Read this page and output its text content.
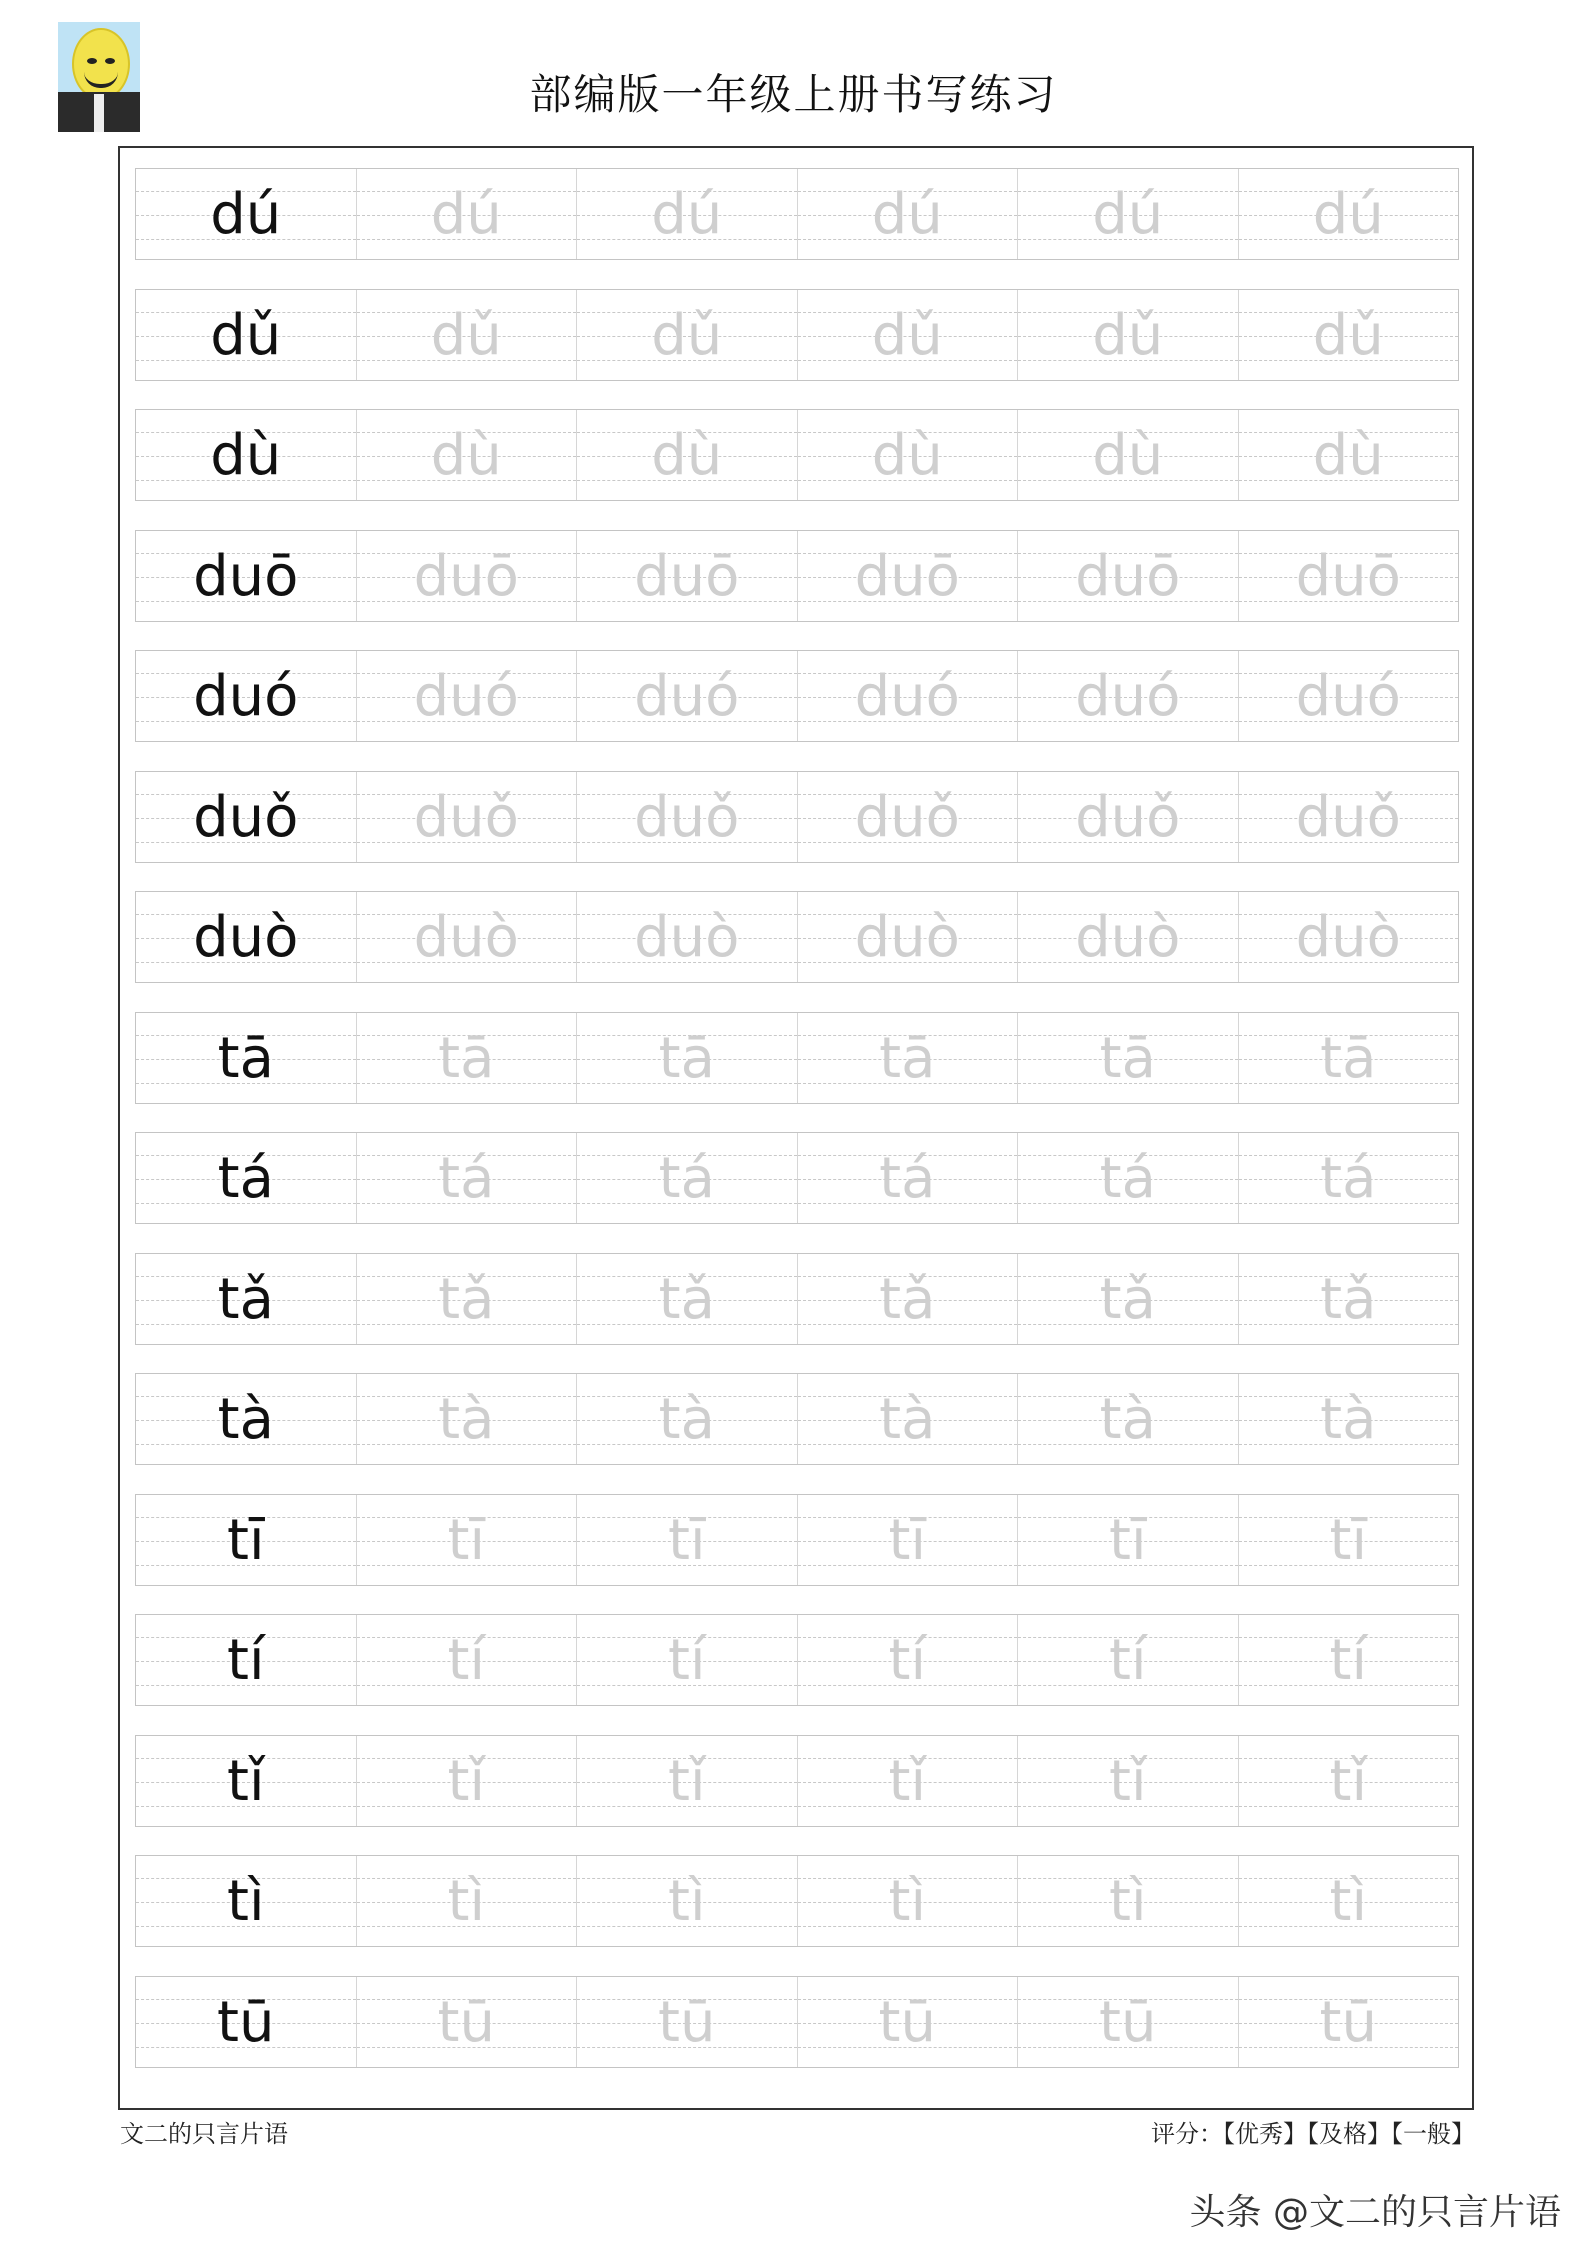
部编版一年级上册书写练习
dú	dú	dú	dú	dú	dú
dǔ	dǔ	dǔ	dǔ	dǔ	dǔ
dù	dù	dù	dù	dù	dù
duō	duō	duō	duō	duō	duō
duó	duó	duó	duó	duó	duó
duǒ	duǒ	duǒ	duǒ	duǒ	duǒ
duò	duò	duò	duò	duò	duò
tā	tā	tā	tā	tā	tā
tá	tá	tá	tá	tá	tá
tǎ	tǎ	tǎ	tǎ	tǎ	tǎ
tà	tà	tà	tà	tà	tà
tī	tī	tī	tī	tī	tī
tí	tí	tí	tí	tí	tí
tǐ	tǐ	tǐ	tǐ	tǐ	tǐ
tì	tì	tì	tì	tì	tì
tū	tū	tū	tū	tū	tū
文二的只言片语	评分：【优秀】【及格】【一般】
头条 @文二的只言片语
